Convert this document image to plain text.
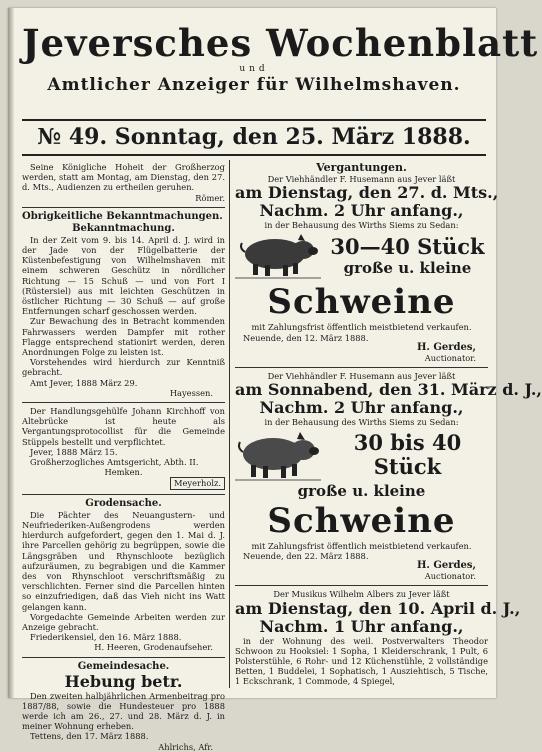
Jeversches Wochenblatt
und
Amtlicher Anzeiger für Wilhelmshaven.
№ 49. Sonntag, den 25. März 1888.

Seine Königliche Hoheit der Großherzog werden, statt am Montag, am Dienstag, den 27. d. Mts., Audienzen zu ertheilen geruhen.

Römer.

Obrigkeitliche Bekanntmachungen.
Bekanntmachung.

In der Zeit vom 9. bis 14. April d. J. wird in der Jade von der Flügelbatterie der Küstenbefestigung von Wilhelmshaven mit einem schweren Geschütz in nördlicher Richtung — 15 Schuß — und von Fort I (Rüstersiel) aus mit leichten Geschützen in östlicher Richtung — 30 Schuß — auf große Entfernungen scharf geschossen werden.

Zur Bewachung des in Betracht kommenden Fahrwassers werden Dampfer mit rother Flagge entsprechend stationirt werden, deren Anordnungen Folge zu leisten ist.

Vorstehendes wird hierdurch zur Kenntniß gebracht.

Amt Jever, 1888 März 29.

Hayessen.

Der Handlungsgehülfe Johann Kirchhoff von Altebrücke ist heute als Vergantungsprotocollist für die Gemeinde Stüppels bestellt und verpflichtet.

Jever, 1888 März 15.

Großherzogliches Amtsgericht, Abth. II.

Hemken.

Meyerholz.

Grodensache.

Die Pächter des Neuangustern- und Neufriederiken-Außengrodens werden hierdurch aufgefordert, gegen den 1. Mai d. J. ihre Parcellen gehörig zu begrüppen, sowie die Längsgräben und Rhynschloote bezüglich aufzuräumen, zu begrabigen und die Kammer des von Rhynschloot verschriftsmäßig zu verschlichten. Ferner sind die Parcellen hinten so einzufriedigen, daß das Vieh nicht ins Watt gelangen kann.

Vorgedachte Gemeinde Arbeiten werden zur Anzeige gebracht.

Friederikensiel, den 16. März 1888.

H. Heeren, Grodenaufseher.

Gemeindesache.
Hebung betr.

Den zweiten halbjährlichen Armenbeitrag pro 1887/88, sowie die Hundesteuer pro 1888 werde ich am 26., 27. und 28. März d. J. in meiner Wohnung erheben.

Tettens, den 17. März 1888.

Ahlrichs, Afr.

Vergantungen.

Der Viehhändler F. Husemann aus Jever läßt

am Dienstag, den 27. d. Mts.,
Nachm. 2 Uhr anfang.,

in der Behausung des Wirths Siems zu Sedan:

30—40 Stück
große u. kleine
Schweine

mit Zahlungsfrist öffentlich meistbietend verkaufen.

Neuende, den 12. März 1888.

H. Gerdes,

Auctionator.

Der Viehhändler F. Husemann aus Jever läßt

am Sonnabend, den 31. März d. J.,
Nachm. 2 Uhr anfang.,

in der Behausung des Wirths Siems zu Sedan:

30 bis 40
Stück
große u. kleine
Schweine

mit Zahlungsfrist öffentlich meistbietend verkaufen.

Neuende, den 22. März 1888.

H. Gerdes,

Auctionator.

Der Musikus Wilhelm Albers zu Jever läßt

am Dienstag, den 10. April d. J.,
Nachm. 1 Uhr anfang.,

in der Wohnung des weil. Postverwalters Theodor Schwoon zu Hooksiel: 1 Sopha, 1 Kleiderschrank, 1 Pult, 6 Polsterstühle, 6 Rohr- und 12 Küchenstühle, 2 vollständige Betten, 1 Buddelei, 1 Sophatisch, 1 Ausziehtisch, 5 Tische, 1 Eckschrank, 1 Commode, 4 Spiegel,
